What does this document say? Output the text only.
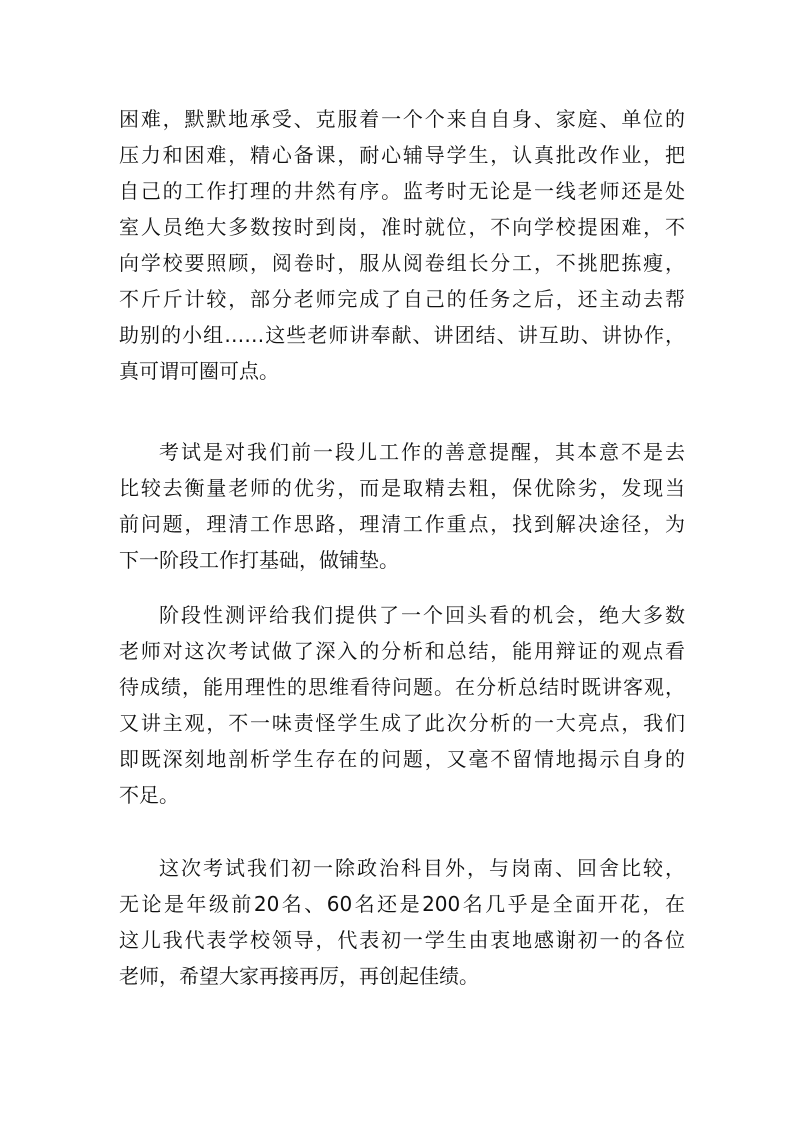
困难，默默地承受、克服着一个个来自自身、家庭、单位的
压力和困难，精心备课，耐心辅导学生，认真批改作业，把
自己的工作打理的井然有序。监考时无论是一线老师还是处
室人员绝大多数按时到岗，准时就位，不向学校提困难，不
向学校要照顾，阅卷时，服从阅卷组长分工，不挑肥拣瘦，
不斤斤计较，部分老师完成了自己的任务之后，还主动去帮
助别的小组……这些老师讲奉献、讲团结、讲互助、讲协作，
真可谓可圈可点。
考试是对我们前一段儿工作的善意提醒，其本意不是去
比较去衡量老师的优劣，而是取精去粗，保优除劣，发现当
前问题，理清工作思路，理清工作重点，找到解决途径，为
下一阶段工作打基础，做铺垫。
阶段性测评给我们提供了一个回头看的机会，绝大多数
老师对这次考试做了深入的分析和总结，能用辩证的观点看
待成绩，能用理性的思维看待问题。在分析总结时既讲客观，
又讲主观，不一味责怪学生成了此次分析的一大亮点，我们
即既深刻地剖析学生存在的问题，又毫不留情地揭示自身的
不足。
这次考试我们初一除政治科目外，与岗南、回舍比较，
无论是年级前20名、60名还是200名几乎是全面开花，在
这儿我代表学校领导，代表初一学生由衷地感谢初一的各位
老师，希望大家再接再厉，再创起佳绩。
